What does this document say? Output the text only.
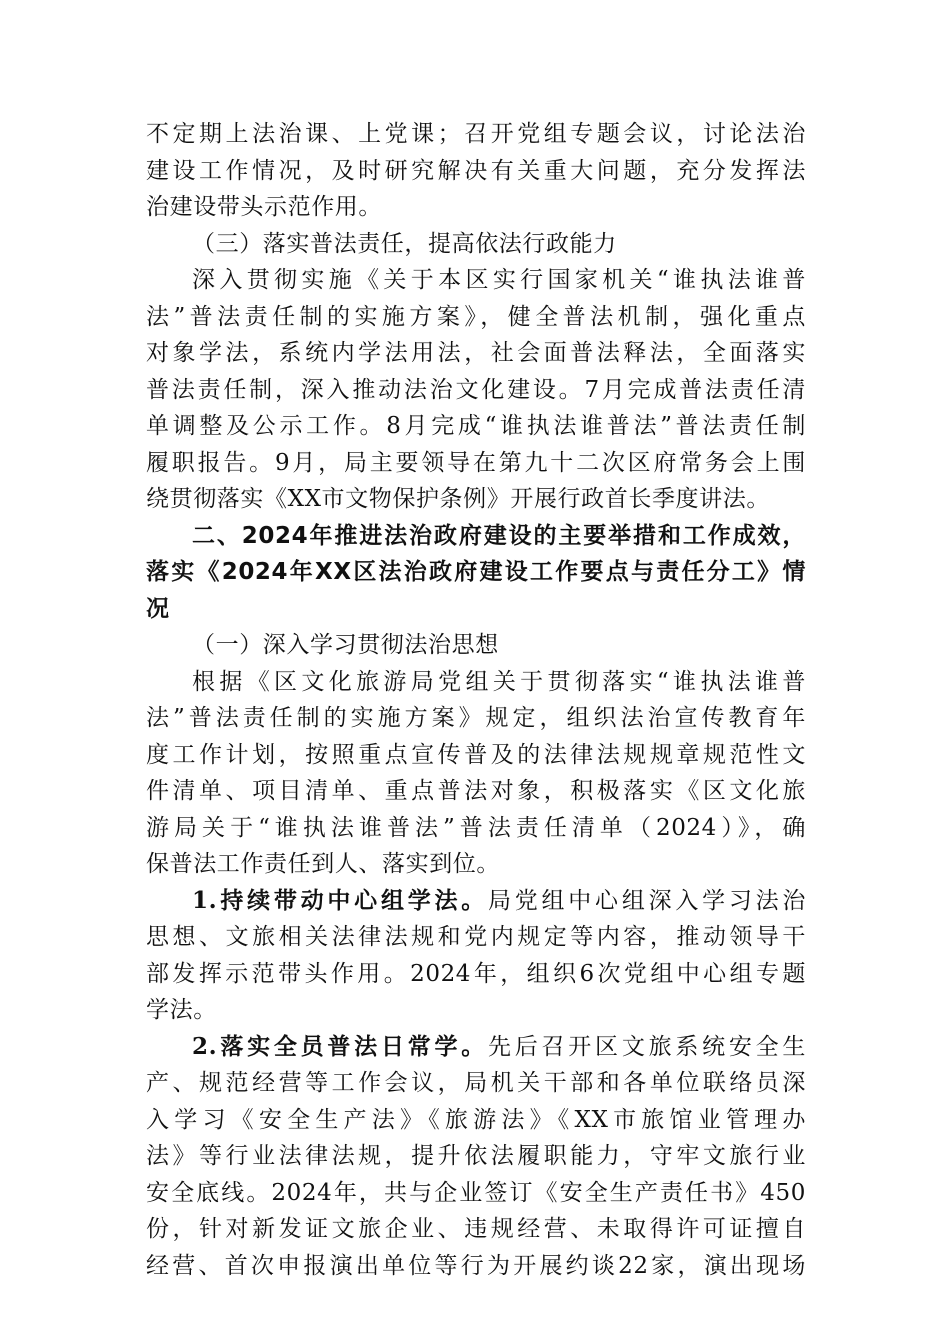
不定期上法治课、上党课；召开党组专题会议，讨论法治
建设工作情况，及时研究解决有关重大问题，充分发挥法
治建设带头示范作用。
（三）落实普法责任，提高依法行政能力
深入贯彻实施《关于本区实行国家机关“谁执法谁普
法”普法责任制的实施方案》，健全普法机制，强化重点
对象学法，系统内学法用法，社会面普法释法，全面落实
普法责任制，深入推动法治文化建设。7月完成普法责任清
单调整及公示工作。8月完成“谁执法谁普法”普法责任制
履职报告。9月，局主要领导在第九十二次区府常务会上围
绕贯彻落实《XX市文物保护条例》开展行政首长季度讲法。
二、2024年推进法治政府建设的主要举措和工作成效，
落实《2024年XX区法治政府建设工作要点与责任分工》情
况
（一）深入学习贯彻法治思想
根据《区文化旅游局党组关于贯彻落实“谁执法谁普
法”普法责任制的实施方案》规定，组织法治宣传教育年
度工作计划，按照重点宣传普及的法律法规规章规范性文
件清单、项目清单、重点普法对象，积极落实《区文化旅
游局关于“谁执法谁普法”普法责任清单（2024）》，确
保普法工作责任到人、落实到位。
1.持续带动中心组学法。局党组中心组深入学习法治
思想、文旅相关法律法规和党内规定等内容，推动领导干
部发挥示范带头作用。2024年，组织6次党组中心组专题
学法。
2.落实全员普法日常学。先后召开区文旅系统安全生
产、规范经营等工作会议，局机关干部和各单位联络员深
入学习《安全生产法》《旅游法》《XX市旅馆业管理办
法》等行业法律法规，提升依法履职能力，守牢文旅行业
安全底线。2024年，共与企业签订《安全生产责任书》450
份，针对新发证文旅企业、违规经营、未取得许可证擅自
经营、首次申报演出单位等行为开展约谈22家，演出现场
